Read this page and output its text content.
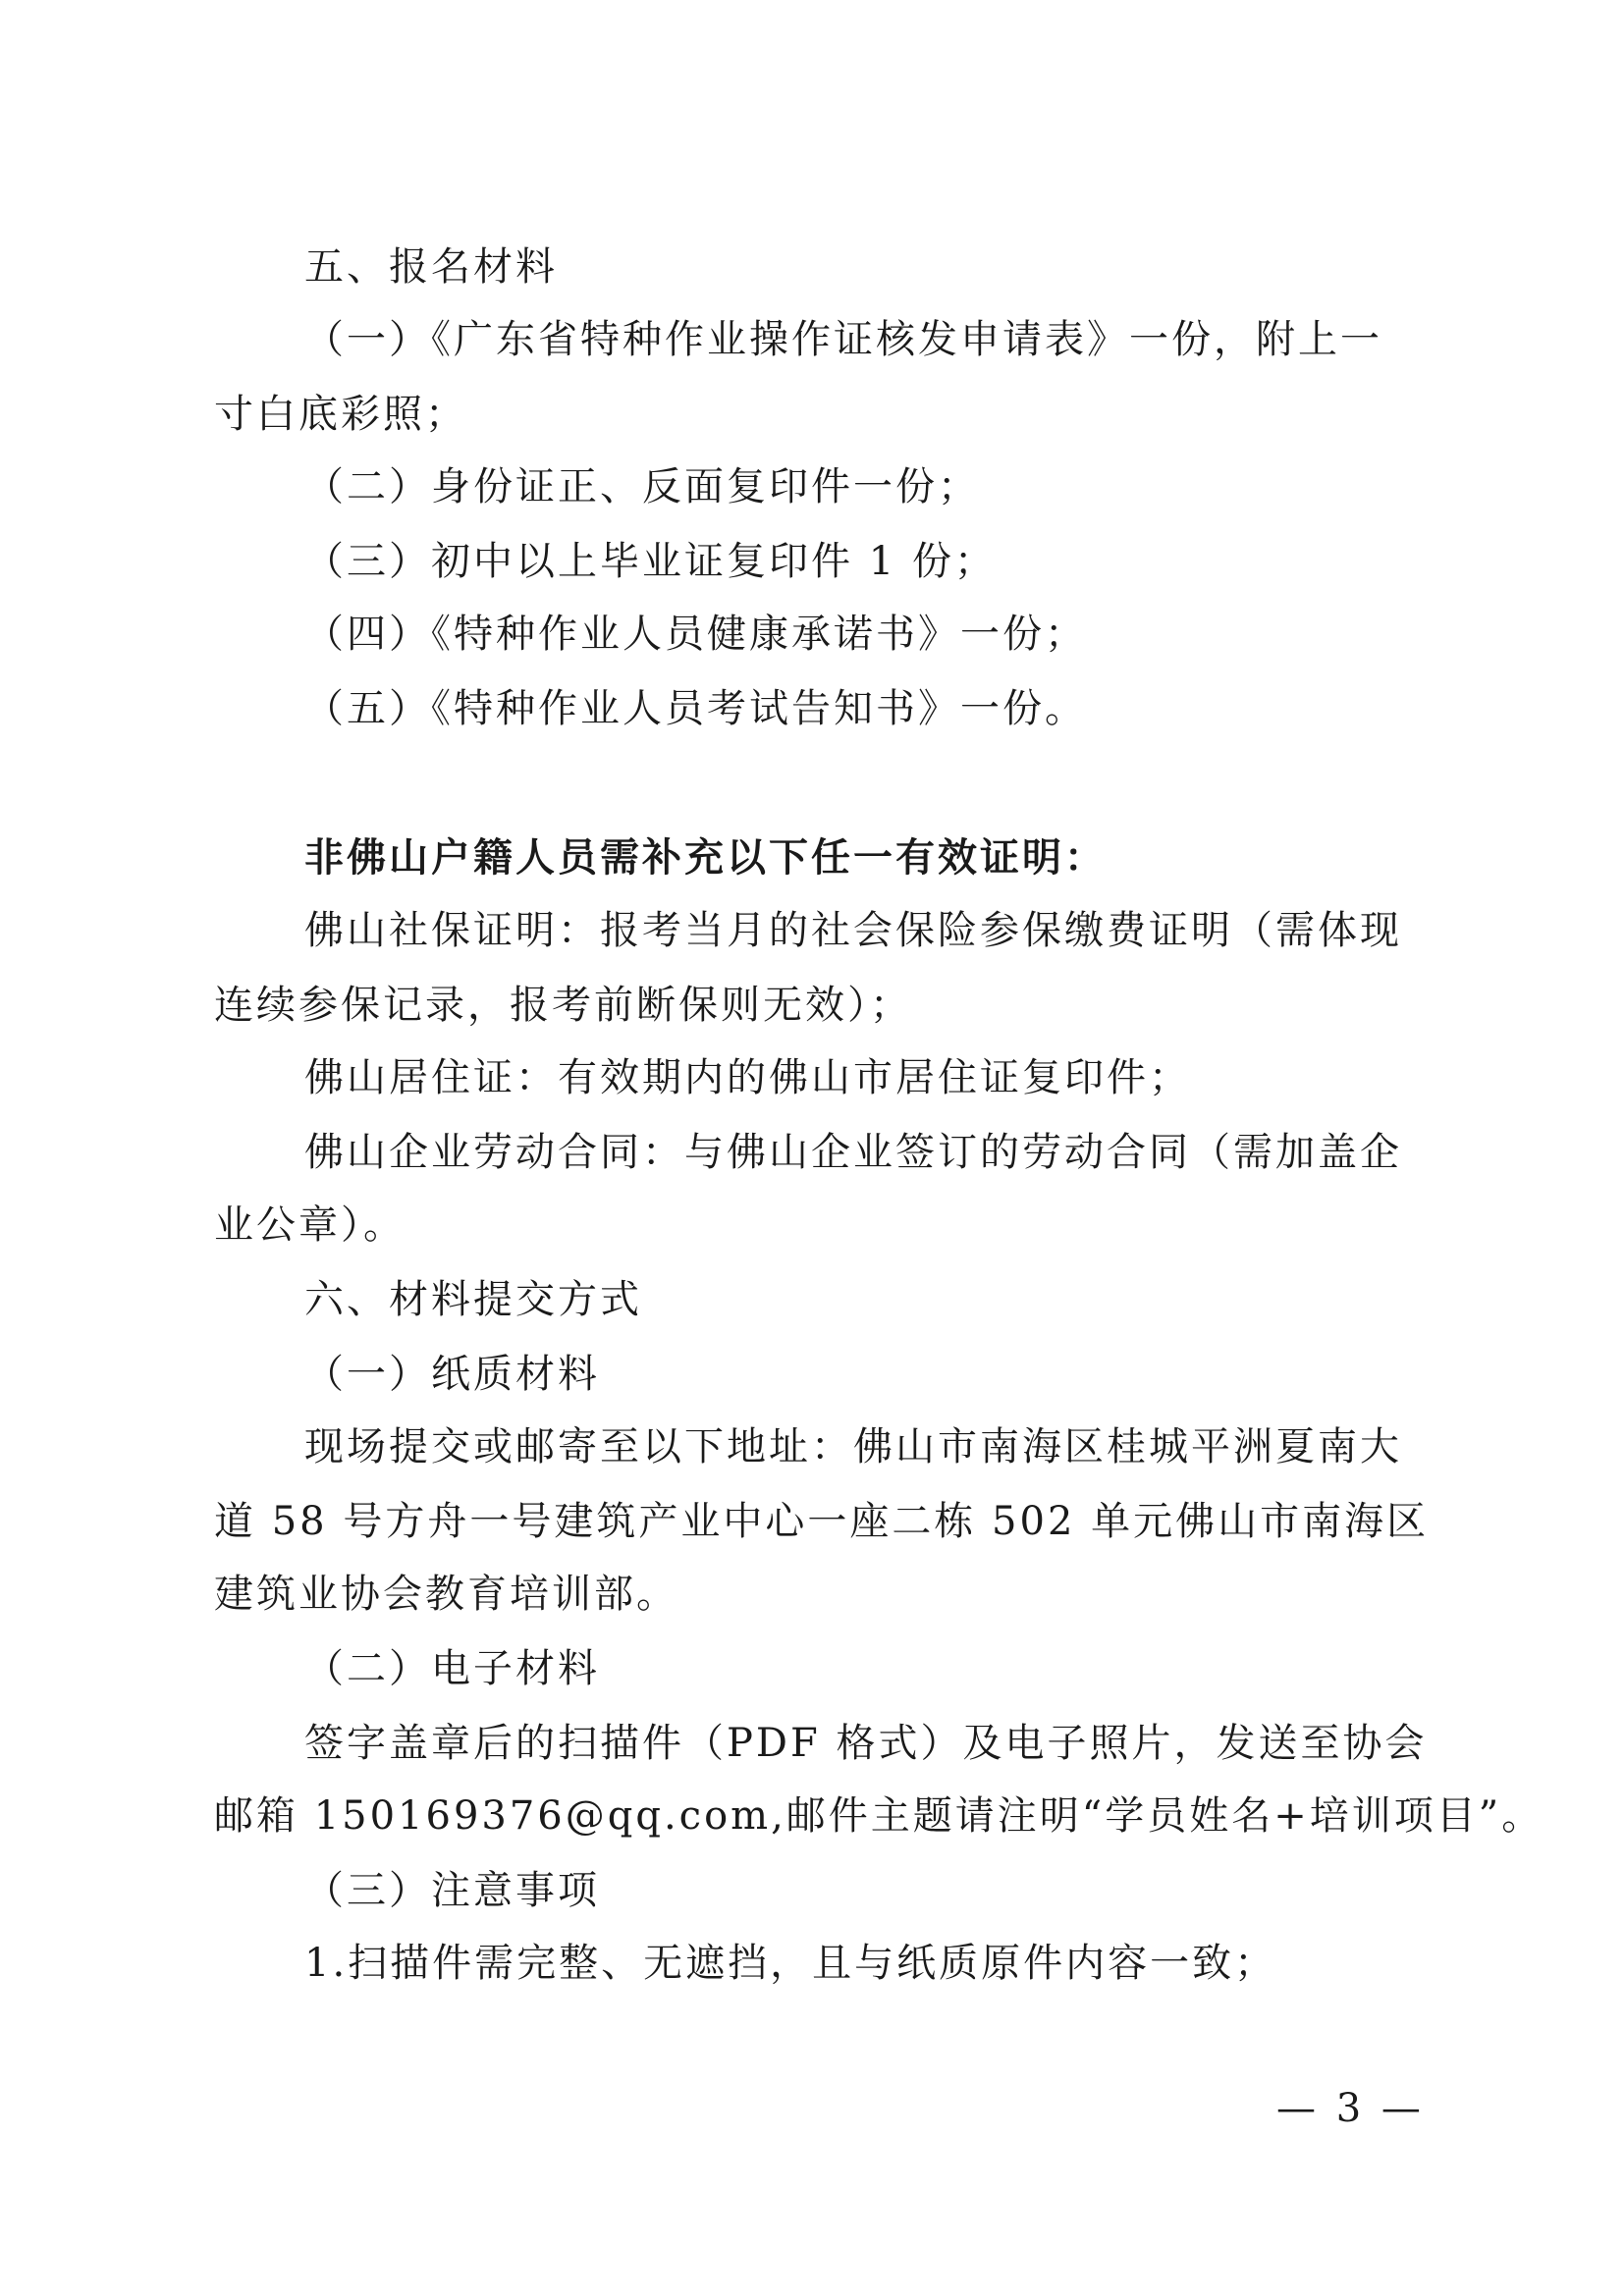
五、报名材料
（一）《广东省特种作业操作证核发申请表》一份，附上一
寸白底彩照；
（二）身份证正、反面复印件一份；
（三）初中以上毕业证复印件 1 份；
（四）《特种作业人员健康承诺书》一份；
（五）《特种作业人员考试告知书》一份。
非佛山户籍人员需补充以下任一有效证明：
佛山社保证明：报考当月的社会保险参保缴费证明（需体现
连续参保记录，报考前断保则无效）；
佛山居住证：有效期内的佛山市居住证复印件；
佛山企业劳动合同：与佛山企业签订的劳动合同（需加盖企
业公章）。
六、材料提交方式
（一）纸质材料
现场提交或邮寄至以下地址：佛山市南海区桂城平洲夏南大
道 58 号方舟一号建筑产业中心一座二栋 502 单元佛山市南海区
建筑业协会教育培训部。
（二）电子材料
签字盖章后的扫描件（PDF 格式）及电子照片，发送至协会
邮箱 150169376@qq.com,邮件主题请注明“学员姓名+培训项目”。
（三）注意事项
1.扫描件需完整、无遮挡，且与纸质原件内容一致；
— 3 —
